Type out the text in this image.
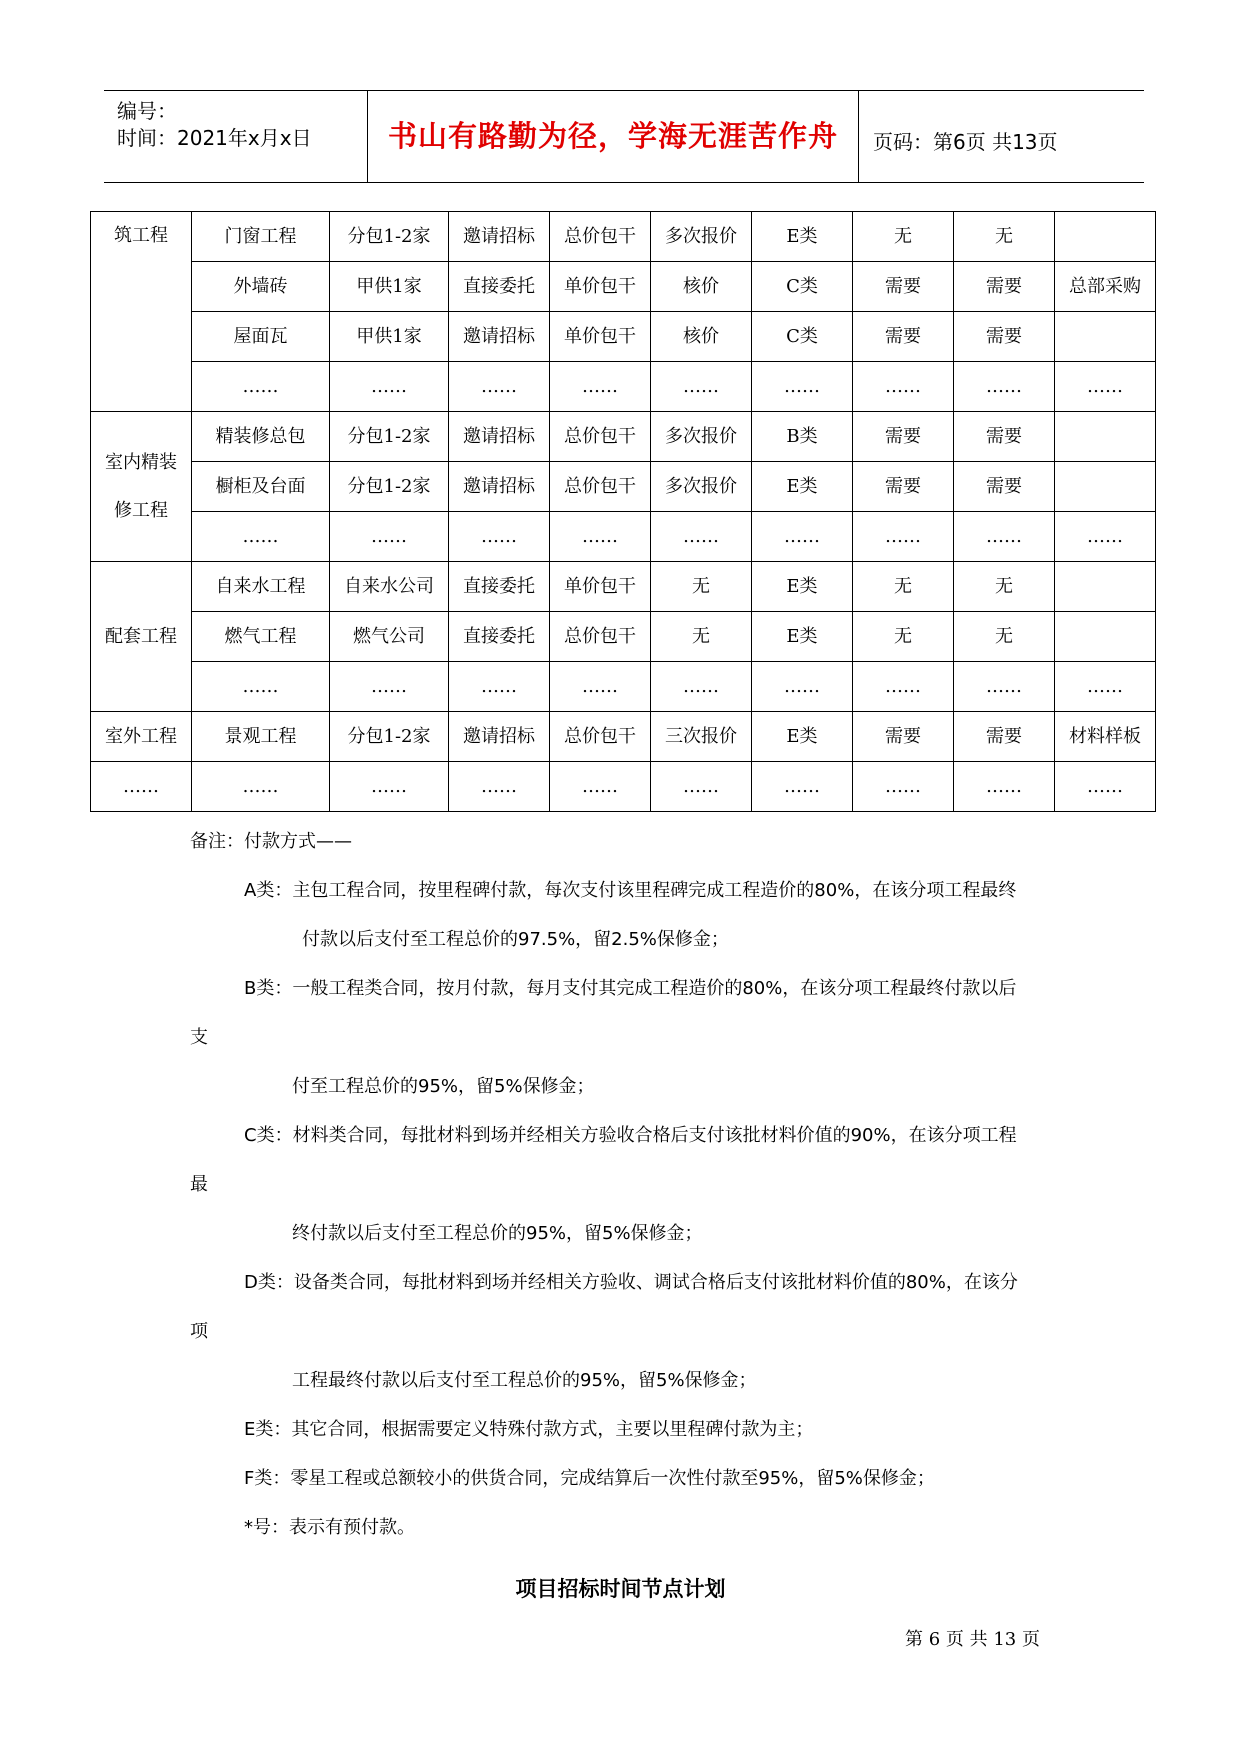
编号：
时间：2021年x月x日	书山有路勤为径，学海无涯苦作舟	页码：第6页 共13页
筑工程	门窗工程	分包1-2家	邀请招标	总价包干	多次报价	E类	无	无	
	外墙砖	甲供1家	直接委托	单价包干	核价	C类	需要	需要	总部采购
	屋面瓦	甲供1家	邀请招标	单价包干	核价	C类	需要	需要	
	……	……	……	……	……	……	……	……	……
室内精装修工程	精装修总包	分包1-2家	邀请招标	总价包干	多次报价	B类	需要	需要	
	橱柜及台面	分包1-2家	邀请招标	总价包干	多次报价	E类	需要	需要	
	……	……	……	……	……	……	……	……	……
配套工程	自来水工程	自来水公司	直接委托	单价包干	无	E类	无	无	
	燃气工程	燃气公司	直接委托	总价包干	无	E类	无	无	
	……	……	……	……	……	……	……	……	……
室外工程	景观工程	分包1-2家	邀请招标	总价包干	三次报价	E类	需要	需要	材料样板
……	……	……	……	……	……	……	……	……	……
备注：付款方式——
A类：主包工程合同，按里程碑付款，每次支付该里程碑完成工程造价的80%，在该分项工程最终
付款以后支付至工程总价的97.5%，留2.5%保修金；
B类：一般工程类合同，按月付款，每月支付其完成工程造价的80%，在该分项工程最终付款以后
支
付至工程总价的95%，留5%保修金；
C类：材料类合同，每批材料到场并经相关方验收合格后支付该批材料价值的90%，在该分项工程
最
终付款以后支付至工程总价的95%，留5%保修金；
D类：设备类合同，每批材料到场并经相关方验收、调试合格后支付该批材料价值的80%，在该分
项
工程最终付款以后支付至工程总价的95%，留5%保修金；
E类：其它合同，根据需要定义特殊付款方式，主要以里程碑付款为主；
F类：零星工程或总额较小的供货合同，完成结算后一次性付款至95%，留5%保修金；
*号：表示有预付款。
项目招标时间节点计划
第 6 页 共 13 页
